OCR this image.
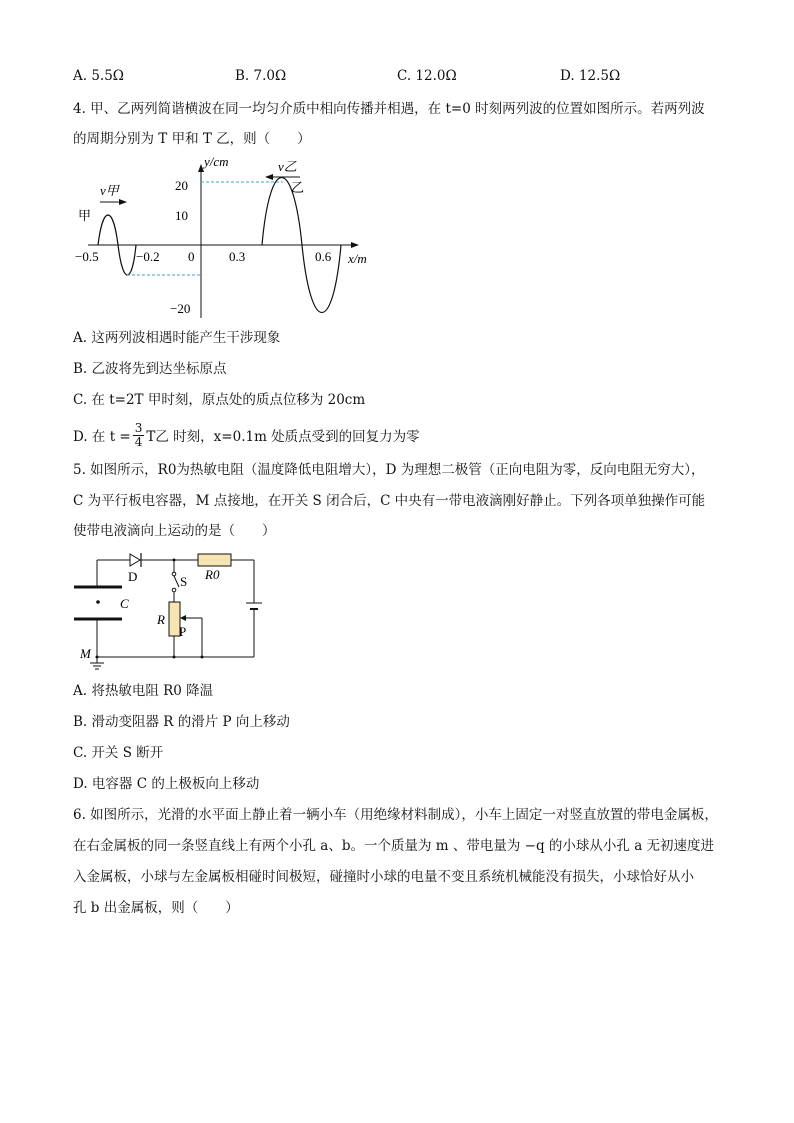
A. 5.5Ω	B. 7.0Ω	C. 12.0Ω	D. 12.5Ω
4. 甲、乙两列简谐横波在同一均匀介质中相向传播并相遇，在 t=0 时刻两列波的位置如图所示。若两列波
的周期分别为 T 甲和 T 乙，则（　　）
y/cm
x/m
20
10
−20
−0.5	−0.2 0	0.3	0.6
v甲
v乙
甲
乙
A. 这两列波相遇时能产生干涉现象
B. 乙波将先到达坐标原点
C. 在 t=2T 甲时刻，原点处的质点位移为 20cm
D. 在 $t = \frac{3}{4}$ T乙 时刻，x=0.1m 处质点受到的回复力为零
5. 如图所示，R0为热敏电阻（温度降低电阻增大），D 为理想二极管（正向电阻为零，反向电阻无穷大），
C 为平行板电容器，M 点接地，在开关 S 闭合后，C 中央有一带电液滴刚好静止。下列各项单独操作可能
使带电液滴向上运动的是（　　）
D	S R0
C
R
P
M
A. 将热敏电阻 R0 降温
B. 滑动变阻器 R 的滑片 P 向上移动
C. 开关 S 断开
D. 电容器 C 的上极板向上移动
6. 如图所示，光滑的水平面上静止着一辆小车（用绝缘材料制成），小车上固定一对竖直放置的带电金属板，
在右金属板的同一条竖直线上有两个小孔 a、b。一个质量为 m 、带电量为 −q 的小球从小孔 a 无初速度进
入金属板，小球与左金属板相碰时间极短，碰撞时小球的电量不变且系统机械能没有损失，小球恰好从小
孔 b 出金属板，则（　　）
